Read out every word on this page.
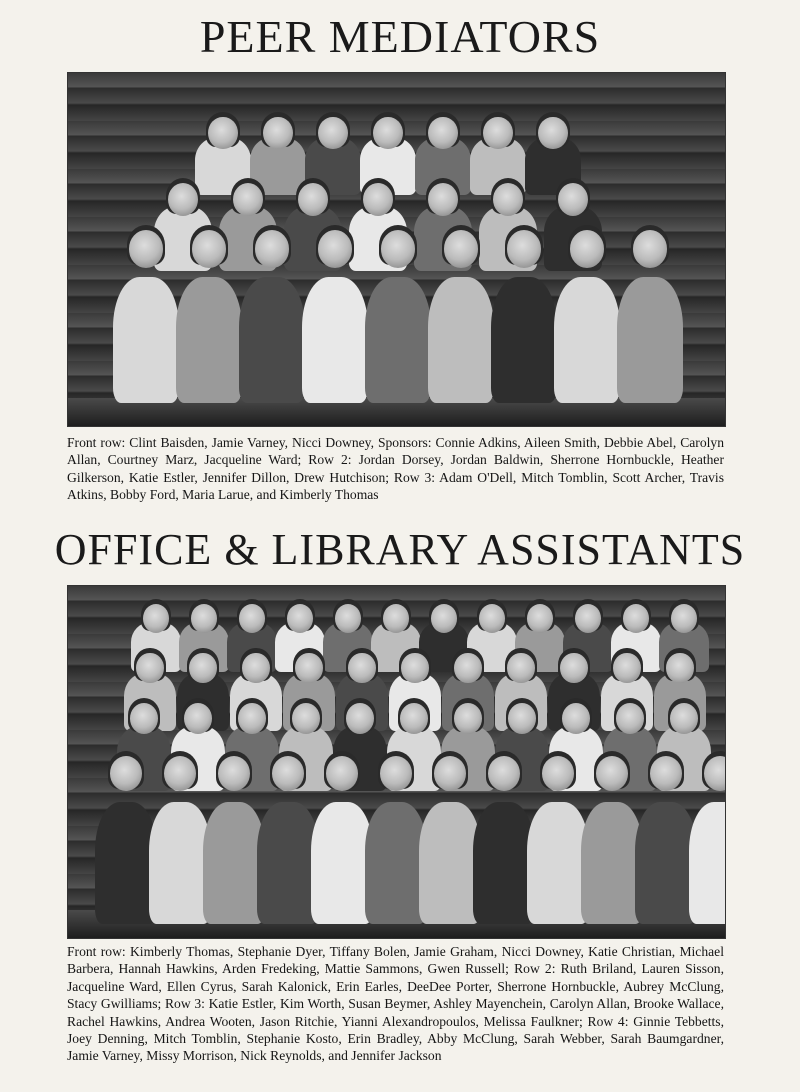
PEER MEDIATORS

Front row: Clint Baisden, Jamie Varney, Nicci Downey, Sponsors: Connie Adkins, Aileen Smith, Debbie Abel, Carolyn Allan, Courtney Marz, Jacqueline Ward; Row 2: Jordan Dorsey, Jordan Baldwin, Sherrone Hornbuckle, Heather Gilkerson, Katie Estler, Jennifer Dillon, Drew Hutchison; Row 3: Adam O'Dell, Mitch Tomblin, Scott Archer, Travis Atkins, Bobby Ford, Maria Larue, and Kimberly Thomas

OFFICE & LIBRARY ASSISTANTS

Front row: Kimberly Thomas, Stephanie Dyer, Tiffany Bolen, Jamie Graham, Nicci Downey, Katie Christian, Michael Barbera, Hannah Hawkins, Arden Fredeking, Mattie Sammons, Gwen Russell; Row 2: Ruth Briland, Lauren Sisson, Jacqueline Ward, Ellen Cyrus, Sarah Kalonick, Erin Earles, DeeDee Porter, Sherrone Hornbuckle, Aubrey McClung, Stacy Gwilliams; Row 3: Katie Estler, Kim Worth, Susan Beymer, Ashley Mayenchein, Carolyn Allan, Brooke Wallace, Rachel Hawkins, Andrea Wooten, Jason Ritchie, Yianni Alexandropoulos, Melissa Faulkner; Row 4: Ginnie Tebbetts, Joey Denning, Mitch Tomblin, Stephanie Kosto, Erin Bradley, Abby McClung, Sarah Webber, Sarah Baumgardner, Jamie Varney, Missy Morrison, Nick Reynolds, and Jennifer Jackson
